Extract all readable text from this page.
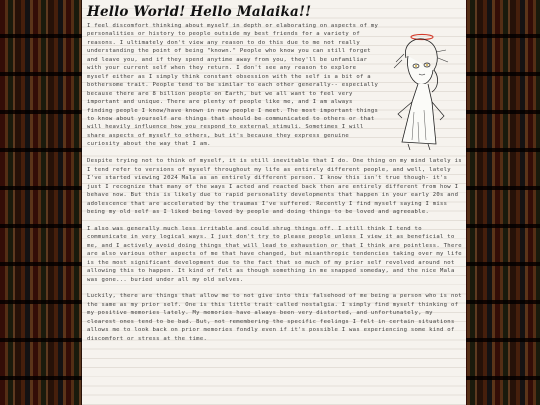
Hello World! Hello Malaika!!

I feel discomfort thinking about myself in depth or elaborating on aspects of my personalities or history to people outside my best friends for a variety of reasons. I ultimately don't view any reason to do this due to me not really understanding the point of being "known." People who know you can still forget and leave you, and if they spend anytime away from you, they'll be unfamiliar with your current self when they return. I don't see any reason to explore myself either as I simply think constant obsession with the self is a bit of a bothersome trait. People tend to be similar to each other generally-- especially because there are 8 billion people on Earth, but we all want to feel very important and unique. There are plenty of people like me, and I am always finding people I know/have known in new people I meet. The most important things to know about yourself are things that should be communicated to others or that will heavily influence how you respond to external stimuli. Sometimes I will share aspects of myself to others, but it's because they express genuine curiosity about the way that I am.

Despite trying not to think of myself, it is still inevitable that I do. One thing on my mind lately is I tend refer to versions of myself throughout my life as entirely different people, and well, lately I've started viewing 2024 Mala as an entirely different person. I know this isn't true though- it's just I recognize that many of the ways I acted and reacted back then are entirely different from how I behave now. But this is likely due to rapid personality developments that happen in your early 20s and adolescence that are accelerated by the traumas I've suffered. Recently I find myself saying I miss being my old self as I liked being loved by people and doing things to be loved and agreeable.

I also was generally much less irritable and could shrug things off. I still think I tend to communicate in very logical ways. I just don't try to please people unless I view it as beneficial to me, and I actively avoid doing things that will lead to exhaustion or that I think are pointless. There are also various other aspects of me that have changed, but misanthropic tendencies taking over my life is the most significant development due to the fact that so much of my prior self revolved around not allowing this to happen. It kind of felt as though something in me snapped someday, and the nice Mala was gone... buried under all my old selves.

Luckily, there are things that allow me to not give into this falsehood of me being a person who is not the same as my prior self. One is this little trait called nostalgia. I simply find myself thinking of my positive memories lately. My memories have always been very distorted, and unfortunately, my clearest ones tend to be bad. But, not remembering the specific feelings I felt in certain situations allows me to look back on prior memories fondly even if it's possible I was experiencing some kind of discomfort or stress at the time.
